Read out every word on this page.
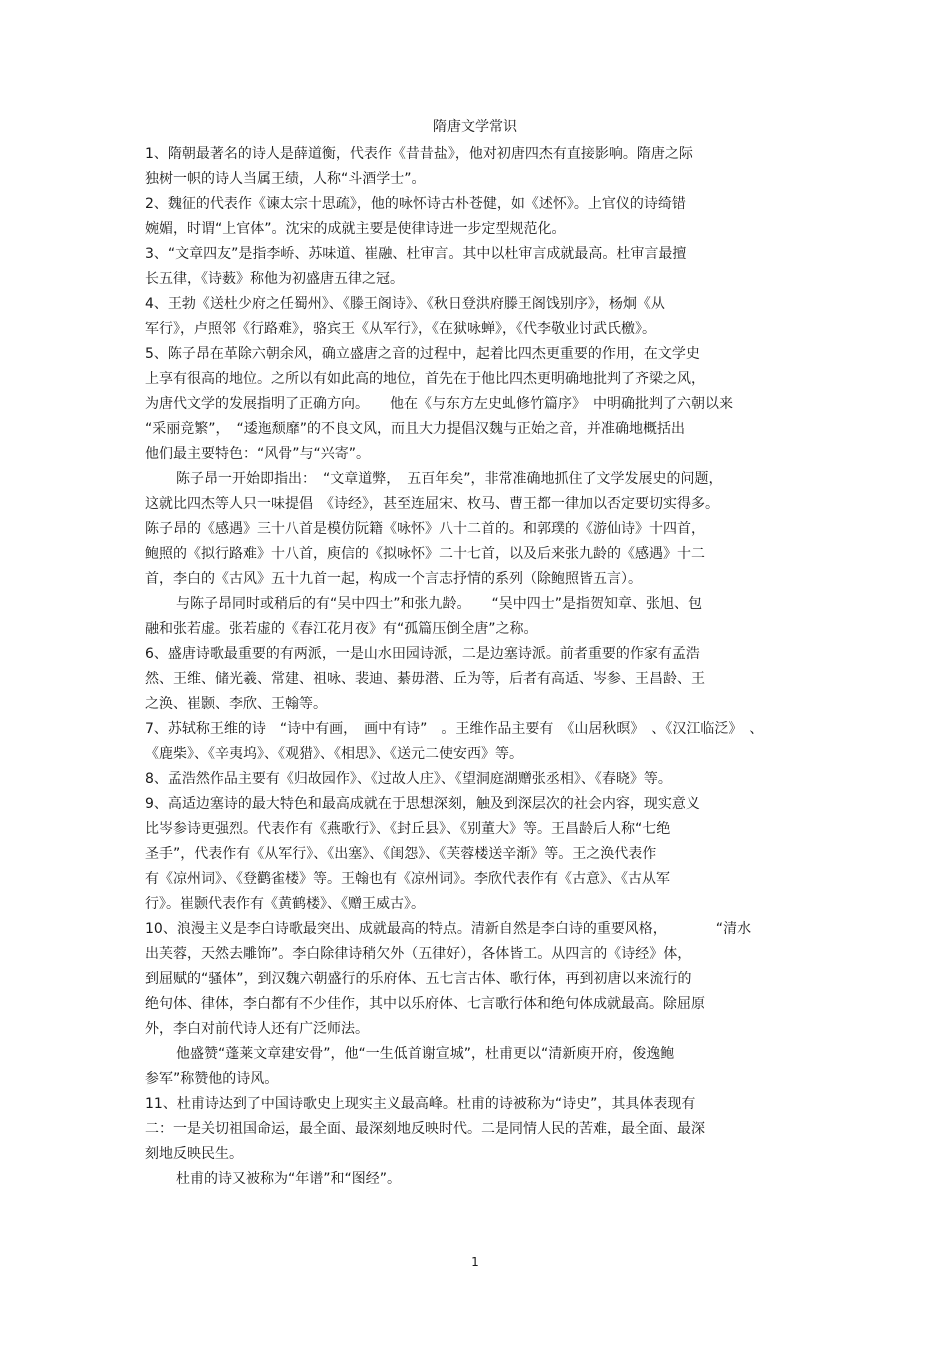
隋唐文学常识
1、隋朝最著名的诗人是薛道衡，代表作《昔昔盐》，他对初唐四杰有直接影响。隋唐之际
独树一帜的诗人当属王绩，人称“斗酒学士”。
2、魏征的代表作《谏太宗十思疏》，他的咏怀诗古朴苍健，如《述怀》。上官仪的诗绮错
婉媚，时谓“上官体”。沈宋的成就主要是使律诗进一步定型规范化。
3、“文章四友”是指李峤、苏味道、崔融、杜审言。其中以杜审言成就最高。杜审言最擅
长五律，《诗薮》称他为初盛唐五律之冠。
4、王勃《送杜少府之任蜀州》、《滕王阁诗》、《秋日登洪府滕王阁饯别序》，杨炯《从
军行》，卢照邻《行路难》，骆宾王《从军行》，《在狱咏蝉》，《代李敬业讨武氏檄》。
5、陈子昂在革除六朝余风，确立盛唐之音的过程中，起着比四杰更重要的作用，在文学史
上享有很高的地位。之所以有如此高的地位，首先在于他比四杰更明确地批判了齐梁之风，
为唐代文学的发展指明了正确方向。　　他在《与东方左史虬修竹篇序》　中明确批判了六朝以来
“采丽竞繁”，　“逶迤颓靡”的不良文风，而且大力提倡汉魏与正始之音，并准确地概括出
他们最主要特色：“风骨”与“兴寄”。
陈子昂一开始即指出：　“文章道弊，　五百年矣”，非常准确地抓住了文学发展史的问题，
这就比四杰等人只一味提倡　《诗经》，甚至连屈宋、枚马、曹王都一律加以否定要切实得多。
陈子昂的《感遇》三十八首是模仿阮籍《咏怀》八十二首的。和郭璞的《游仙诗》十四首，
鲍照的《拟行路难》十八首，庾信的《拟咏怀》二十七首，以及后来张九龄的《感遇》十二
首，李白的《古风》五十九首一起，构成一个言志抒情的系列（除鲍照皆五言）。
与陈子昂同时或稍后的有“吴中四士”和张九龄。　　“吴中四士”是指贺知章、张旭、包
融和张若虚。张若虚的《春江花月夜》有“孤篇压倒全唐”之称。
6、盛唐诗歌最重要的有两派，一是山水田园诗派，二是边塞诗派。前者重要的作家有孟浩
然、王维、储光羲、常建、祖咏、裴迪、綦毋潜、丘为等，后者有高适、岑参、王昌龄、王
之涣、崔颢、李欣、王翰等。
7、苏轼称王维的诗　“诗中有画，　画中有诗”　。王维作品主要有　《山居秋暝》　、《汉江临泛》　、
《鹿柴》、《辛夷坞》、《观猎》、《相思》、《送元二使安西》等。
8、孟浩然作品主要有《归故园作》、《过故人庄》、《望洞庭湖赠张丞相》、《春晓》等。
9、高适边塞诗的最大特色和最高成就在于思想深刻，触及到深层次的社会内容，现实意义
比岑参诗更强烈。代表作有《燕歌行》、《封丘县》、《别董大》等。王昌龄后人称“七绝
圣手”，代表作有《从军行》、《出塞》、《闺怨》、《芙蓉楼送辛渐》等。王之涣代表作
有《凉州词》、《登鹳雀楼》等。王翰也有《凉州词》。李欣代表作有《古意》、《古从军
行》。崔颢代表作有《黄鹤楼》、《赠王威古》。
10、浪漫主义是李白诗歌最突出、成就最高的特点。清新自然是李白诗的重要风格，　　　　“清水
出芙蓉，天然去雕饰”。李白除律诗稍欠外（五律好），各体皆工。从四言的《诗经》体，
到屈赋的“骚体”，到汉魏六朝盛行的乐府体、五七言古体、歌行体，再到初唐以来流行的
绝句体、律体，李白都有不少佳作，其中以乐府体、七言歌行体和绝句体成就最高。除屈原
外，李白对前代诗人还有广泛师法。
他盛赞“蓬莱文章建安骨”，他“一生低首谢宣城”，杜甫更以“清新庾开府，俊逸鲍
参军”称赞他的诗风。
11、杜甫诗达到了中国诗歌史上现实主义最高峰。杜甫的诗被称为“诗史”，其具体表现有
二：一是关切祖国命运，最全面、最深刻地反映时代。二是同情人民的苦难，最全面、最深
刻地反映民生。
杜甫的诗又被称为“年谱”和“图经”。
1
